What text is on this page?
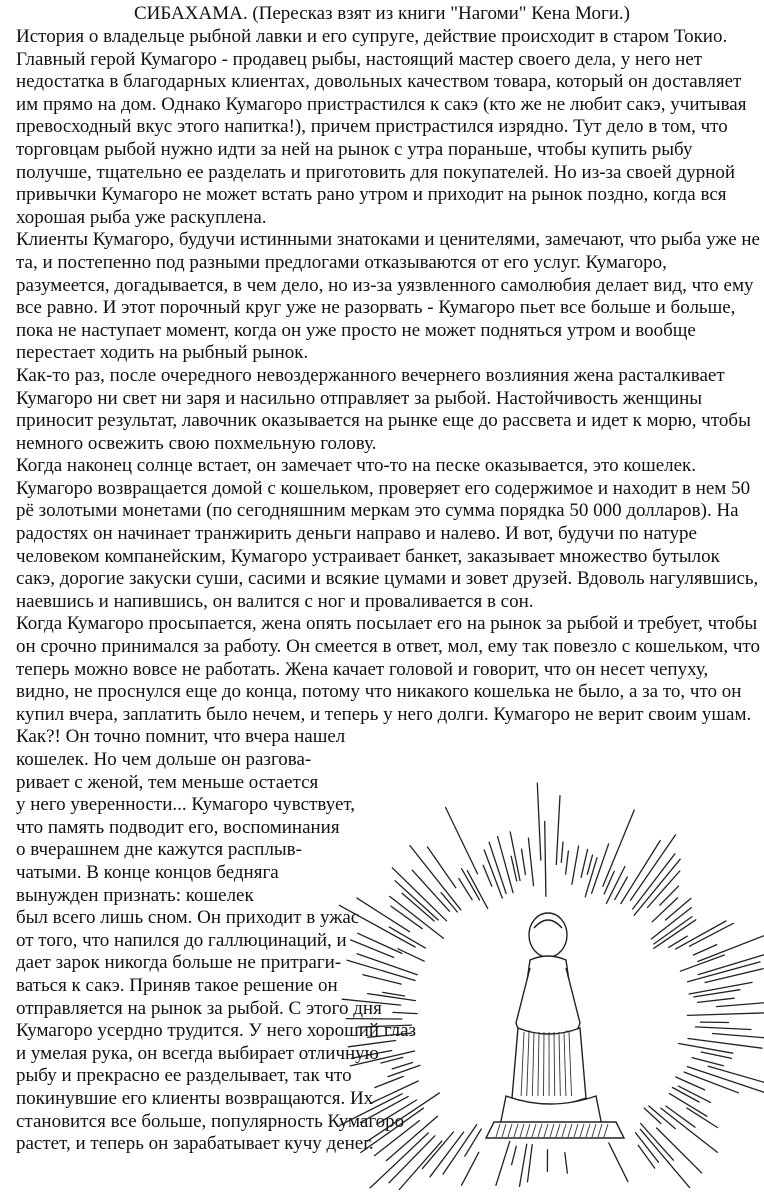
СИБАХАМА. (Пересказ взят из книги "Нагоми" Кена Моги.)

История о владельце рыбной лавки и его супруге, действие происходит в старом Токио.

Главный герой Кумагоро - продавец рыбы, настоящий мастер своего дела, у него нет недостатка в благодарных клиентах, довольных качеством товара, который он доставляет им прямо на дом. Однако Кумагоро пристрастился к сакэ (кто же не любит сакэ, учитывая превосходный вкус этого напитка!), причем пристрастился изрядно. Тут дело в том, что торговцам рыбой нужно идти за ней на рынок с утра пораньше, чтобы купить рыбу получше, тщательно ее разделать и приготовить для покупателей. Но из-за своей дурной привычки Кумагоро не может встать рано утром и приходит на рынок поздно, когда вся хорошая рыба уже раскуплена.

Клиенты Кумагоро, будучи истинными знатоками и ценителями, замечают, что рыба уже не та, и постепенно под разными предлогами отказываются от его услуг. Кумагоро, разумеется, догадывается, в чем дело, но из-за уязвленного самолюбия делает вид, что ему все равно. И этот порочный круг уже не разорвать - Кумагоро пьет все больше и больше, пока не наступает момент, когда он уже просто не может подняться утром и вообще перестает ходить на рыбный рынок.

Как-то раз, после очередного невоздержанного вечернего возлияния жена расталкивает Кумагоро ни свет ни заря и насильно отправляет за рыбой. Настойчивость женщины приносит результат, лавочник оказывается на рынке еще до рассвета и идет к морю, чтобы немного освежить свою похмельную голову.

Когда наконец солнце встает, он замечает что-то на песке оказывается, это кошелек. Кумагоро возвращается домой с кошельком, проверяет его содержимое и находит в нем 50 рё золотыми монетами (по сегодняшним меркам это сумма порядка 50 000 долларов). На радостях он начинает транжирить деньги направо и налево. И вот, будучи по натуре человеком компанейским, Кумагоро устраивает банкет, заказывает множество бутылок сакэ, дорогие закуски суши, сасими и всякие цумами и зовет друзей. Вдоволь нагулявшись, наевшись и напившись, он валится с ног и проваливается в сон.

Когда Кумагоро просыпается, жена опять посылает его на рынок за рыбой и требует, чтобы он срочно принимался за работу. Он смеется в ответ, мол, ему так повезло с кошельком, что теперь можно вовсе не работать. Жена качает головой и говорит, что он несет чепуху, видно, не проснулся еще до конца, потому что никакого кошелька не было, а за то, что он купил вчера, заплатить было нечем, и теперь у него долги. Кумагоро не верит своим ушам.

Как?! Он точно помнит, что вчера нашел
кошелек. Но чем дольше он разгова-
ривает с женой, тем меньше остается
у него уверенности... Кумагоро чувствует,
что память подводит его, воспоминания
о вчерашнем дне кажутся расплыв-
чатыми. В конце концов бедняга
вынужден признать: кошелек
был всего лишь сном. Он приходит в ужас
от того, что напился до галлюцинаций, и
дает зарок никогда больше не притраги-
ваться к сакэ. Приняв такое решение он
отправляется на рынок за рыбой. С этого дня
Кумагоро усердно трудится. У него хороший глаз
и умелая рука, он всегда выбирает отличную
рыбу и прекрасно ее разделывает, так что
покинувшие его клиенты возвращаются. Их
становится все больше, популярность Кумагоро
растет, и теперь он зарабатывает кучу денег.
